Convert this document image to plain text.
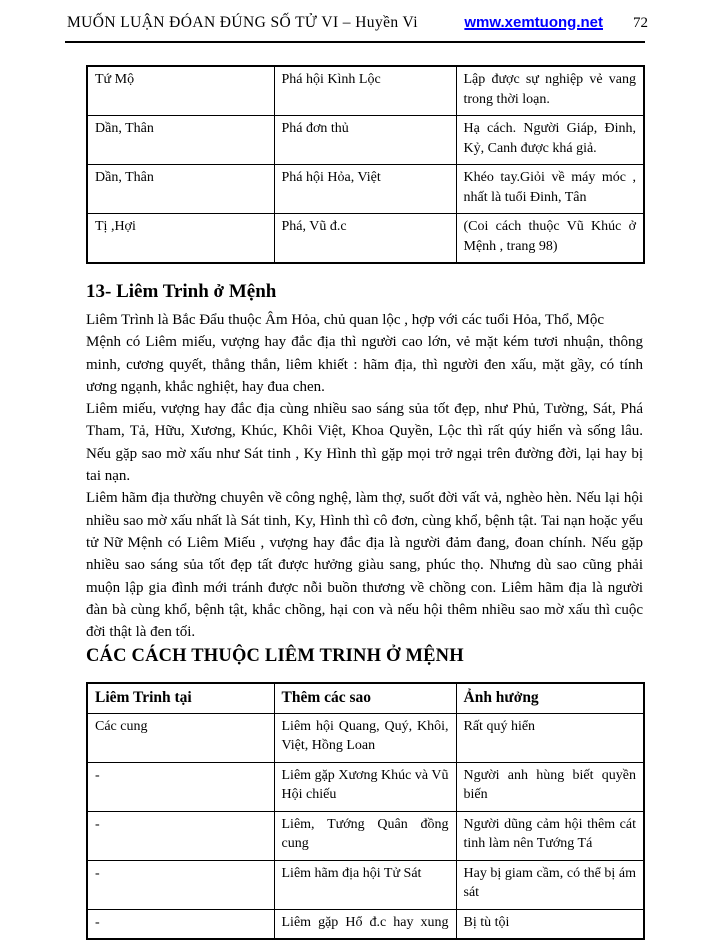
MUỐN LUẬN ĐÓAN ĐÚNG SỐ TỬ VI – Huyền Vi	wmw.xemtuong.net 72
Tứ Mộ	Phá hội Kình Lộc	Lập được sự nghiệp vẻ vang trong thời loạn.
Dần, Thân	Phá đơn thủ	Hạ cách. Người Giáp, Đinh, Kỷ, Canh được khá giả.
Dần, Thân	Phá hội Hỏa, Việt	Khéo tay.Giỏi về máy móc , nhất là tuổi Đinh, Tân
Tị ,Hợi	Phá, Vũ đ.c	(Coi cách thuộc Vũ Khúc ở Mệnh , trang 98)
13- Liêm Trinh ở Mệnh

Liêm Trình là Bắc Đẩu thuộc Âm Hỏa, chủ quan lộc , hợp với các tuổi Hỏa, Thổ, Mộc

Mệnh có Liêm miếu, vượng hay đắc địa thì người cao lớn, vẻ mặt kém tươi nhuận, thông minh, cương quyết, thẳng thắn, liêm khiết : hãm địa, thì người đen xấu, mặt gầy, có tính ương ngạnh, khắc nghiệt, hay đua chen.

Liêm miếu, vượng hay đắc địa cùng nhiều sao sáng sủa tốt đẹp, như Phủ, Tường, Sát, Phá Tham, Tả, Hữu, Xương, Khúc, Khôi Việt, Khoa Quyền, Lộc thì rất qúy hiển và sống lâu. Nếu gặp sao mờ xấu như Sát tinh , Ky Hình thì gặp mọi trở ngại trên đường đời, lại hay bị tai nạn.

Liêm hãm địa thường chuyên về công nghệ, làm thợ, suốt đời vất vả, nghèo hèn. Nếu lại hội nhiều sao mờ xấu nhất là Sát tinh, Ky, Hình thì cô đơn, cùng khổ, bệnh tật. Tai nạn hoặc yểu tử Nữ Mệnh có Liêm Miếu , vượng hay đắc địa là người đảm đang, đoan chính. Nếu gặp nhiều sao sáng sủa tốt đẹp tất được hưởng giàu sang, phúc thọ. Nhưng dù sao cũng phải muộn lập gia đình mới tránh được nỗi buồn thương về chồng con. Liêm hãm địa là người đàn bà cùng khổ, bệnh tật, khắc chồng, hại con và nếu hội thêm nhiều sao mờ xấu thì cuộc đời thật là đen tối.

CÁC CÁCH THUỘC LIÊM TRINH Ở MỆNH
Liêm Trinh tại	Thêm các sao	Ảnh hưởng
Các cung	Liêm hội Quang, Quý, Khôi, Việt, Hồng Loan	Rất quý hiển
-	Liêm gặp Xương Khúc và Vũ Hội chiếu	Người anh hùng biết quyền biến
-	Liêm, Tướng Quân đồng cung	Người dũng cảm hội thêm cát tinh làm nên Tướng Tá
-	Liêm hãm địa hội Tử Sát	Hay bị giam cầm, có thể bị ám sát
-	Liêm gặp Hổ đ.c hay xung	Bị tù tội
